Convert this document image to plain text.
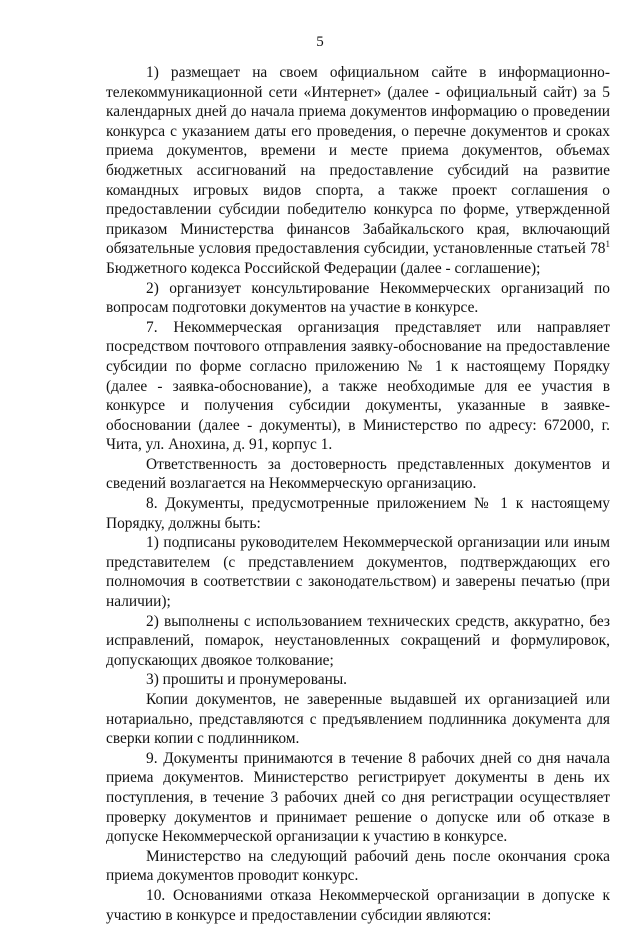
5

1) размещает на своем официальном сайте в информационно-телекоммуникационной сети «Интернет» (далее - официальный сайт) за 5 календарных дней до начала приема документов информацию о проведении конкурса с указанием даты его проведения, о перечне документов и сроках приема документов, времени и месте приема документов, объемах бюджетных ассигнований на предоставление субсидий на развитие командных игровых видов спорта, а также проект соглашения о предоставлении субсидии победителю конкурса по форме, утвержденной приказом Министерства финансов Забайкальского края, включающий обязательные условия предоставления субсидии, установленные статьей $78^1$ Бюджетного кодекса Российской Федерации (далее - соглашение);

2) организует консультирование Некоммерческих организаций по вопросам подготовки документов на участие в конкурсе.

7. Некоммерческая организация представляет или направляет посредством почтового отправления заявку-обоснование на предоставление субсидии по форме согласно приложению № 1 к настоящему Порядку (далее - заявка-обоснование), а также необходимые для ее участия в конкурсе и получения субсидии документы, указанные в заявке-обосновании (далее - документы), в Министерство по адресу: 672000, г. Чита, ул. Анохина, д. 91, корпус 1.

Ответственность за достоверность представленных документов и сведений возлагается на Некоммерческую организацию.

8. Документы, предусмотренные приложением № 1 к настоящему Порядку, должны быть:

1) подписаны руководителем Некоммерческой организации или иным представителем (с представлением документов, подтверждающих его полномочия в соответствии с законодательством) и заверены печатью (при наличии);

2) выполнены с использованием технических средств, аккуратно, без исправлений, помарок, неустановленных сокращений и формулировок, допускающих двоякое толкование;

3) прошиты и пронумерованы.

Копии документов, не заверенные выдавшей их организацией или нотариально, представляются с предъявлением подлинника документа для сверки копии с подлинником.

9. Документы принимаются в течение 8 рабочих дней со дня начала приема документов. Министерство регистрирует документы в день их поступления, в течение 3 рабочих дней со дня регистрации осуществляет проверку документов и принимает решение о допуске или об отказе в допуске Некоммерческой организации к участию в конкурсе.

Министерство на следующий рабочий день после окончания срока приема документов проводит конкурс.

10. Основаниями отказа Некоммерческой организации в допуске к участию в конкурсе и предоставлении субсидии являются:
